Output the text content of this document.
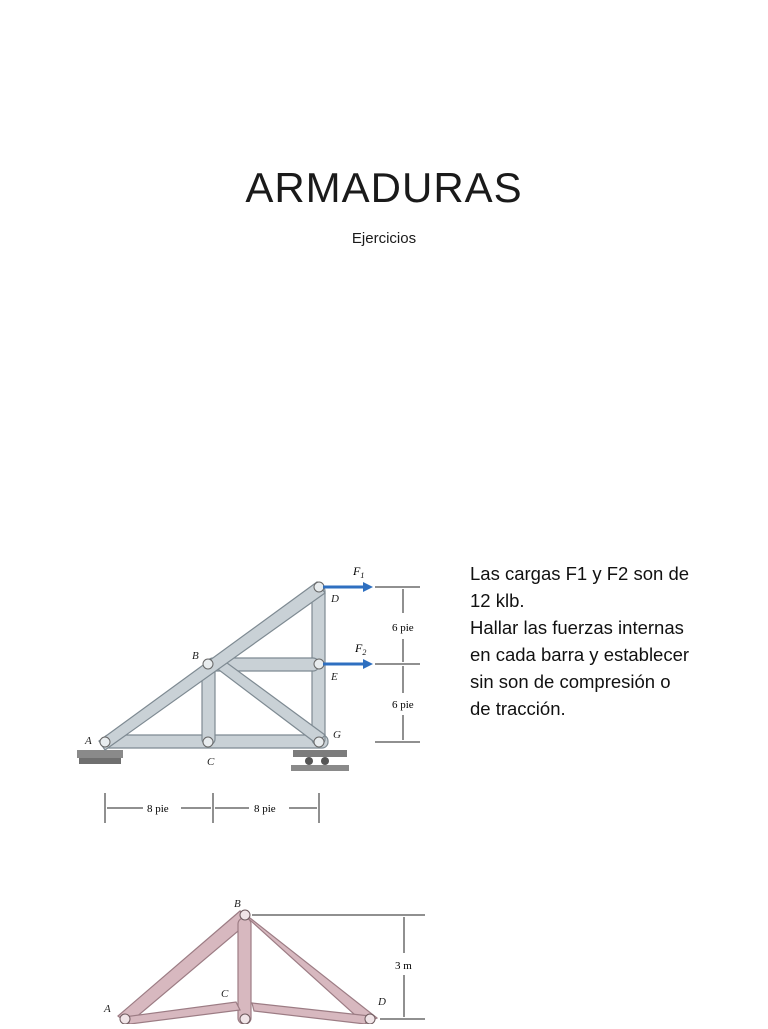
ARMADURAS
Ejercicios
$F_1$
$F_2$
A
B
C
D
E
G
6 pie
6 pie
8 pie	8 pie
Las cargas F1 y F2 son de
12 klb.
Hallar las fuerzas internas
en cada barra y establecer
sin son de compresión o
de tracción.
B
A
C
D
3 m
